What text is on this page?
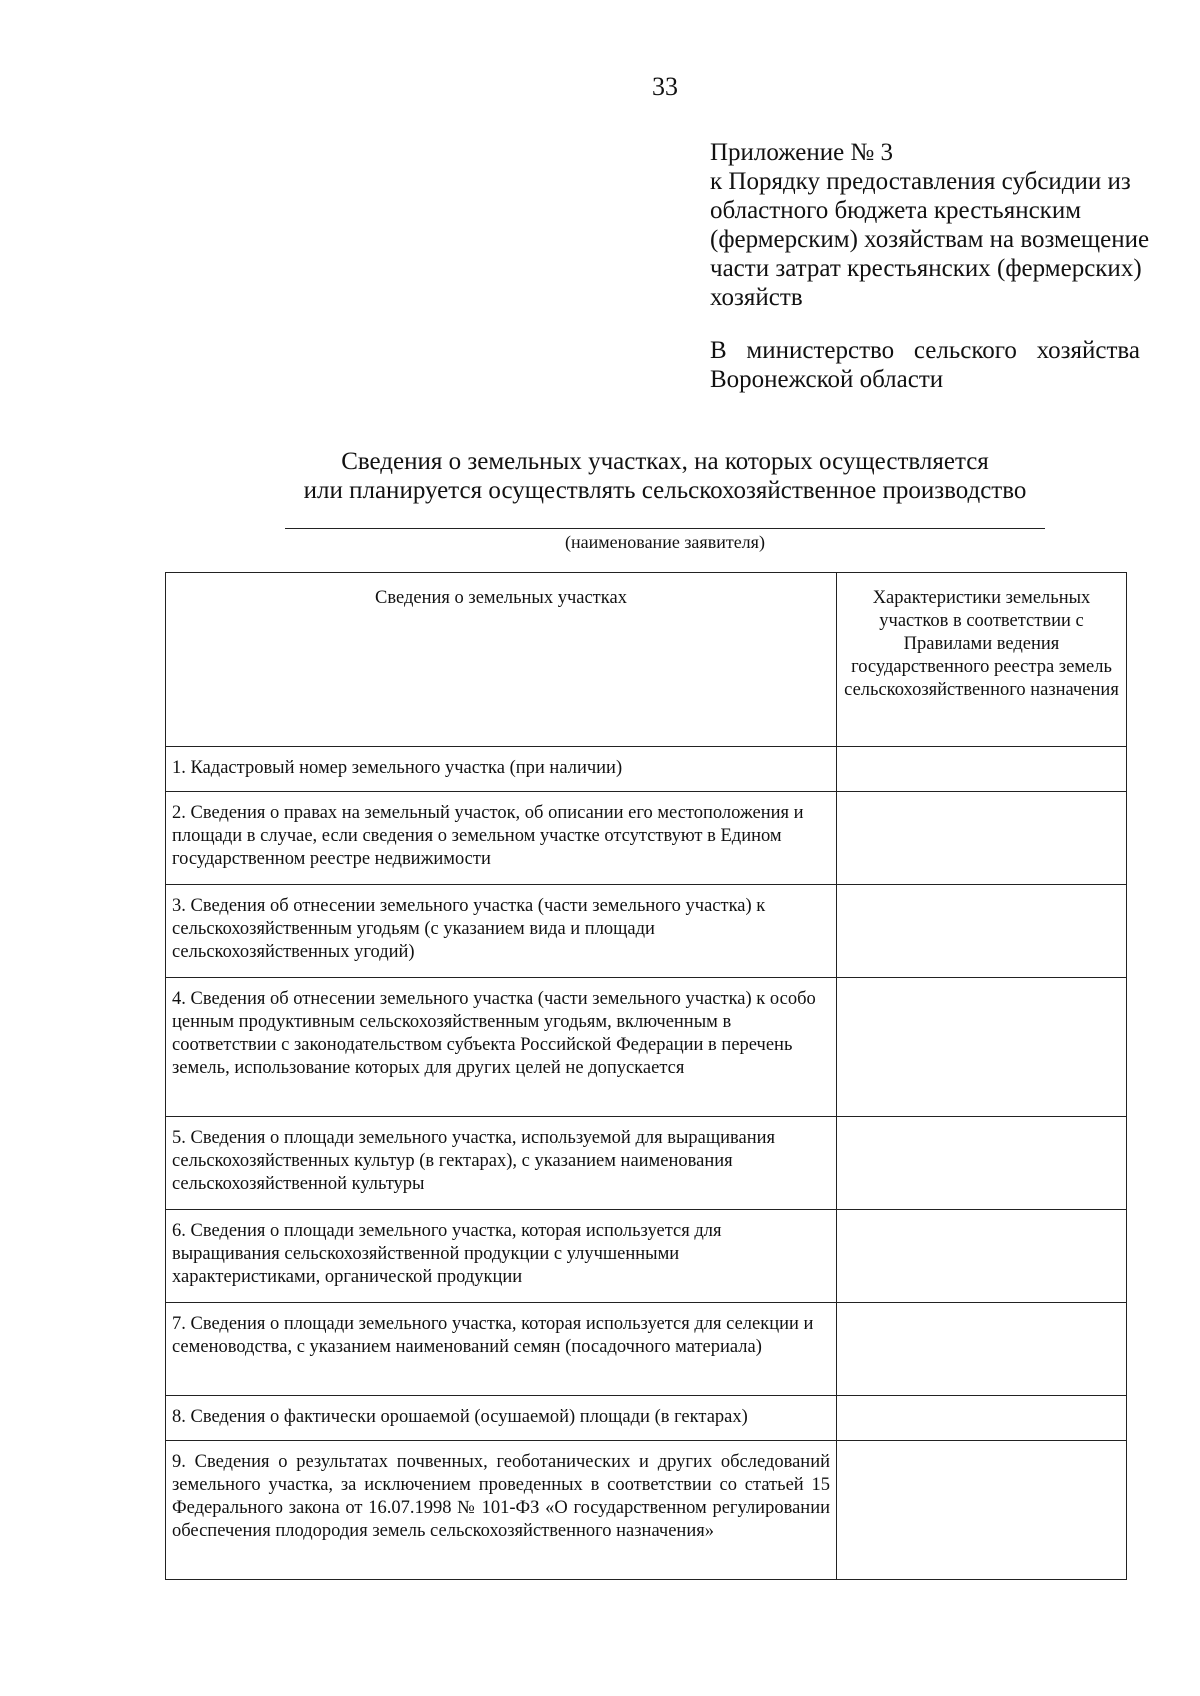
33
Приложение № 3
к Порядку предоставления субсидии из
областного бюджета крестьянским
(фермерским) хозяйствам на возмещение
части затрат крестьянских (фермерских)
хозяйств
В министерство сельского хозяйства
Воронежской области
Сведения о земельных участках, на которых осуществляется
или планируется осуществлять сельскохозяйственное производство
(наименование заявителя)
Сведения о земельных участках	Характеристики земельных участков в соответствии с Правилами ведения государственного реестра земель сельскохозяйственного назначения
1. Кадастровый номер земельного участка (при наличии)	
2. Сведения о правах на земельный участок, об описании его местоположения и площади в случае, если сведения о земельном участке отсутствуют в Едином государственном реестре недвижимости	
3. Сведения об отнесении земельного участка (части земельного участка) к сельскохозяйственным угодьям (с указанием вида и площади сельскохозяйственных угодий)	
4. Сведения об отнесении земельного участка (части земельного участка) к особо ценным продуктивным сельскохозяйственным угодьям, включенным в соответствии с законодательством субъекта Российской Федерации в перечень земель, использование которых для других целей не допускается	
5. Сведения о площади земельного участка, используемой для выращивания сельскохозяйственных культур (в гектарах), с указанием наименования сельскохозяйственной культуры	
6. Сведения о площади земельного участка, которая используется для выращивания сельскохозяйственной продукции с улучшенными характеристиками, органической продукции	
7. Сведения о площади земельного участка, которая используется для селекции и семеноводства, с указанием наименований семян (посадочного материала)	
8. Сведения о фактически орошаемой (осушаемой) площади (в гектарах)	
9. Сведения о результатах почвенных, геоботанических и других обследований земельного участка, за исключением проведенных в соответствии со статьей 15 Федерального закона от 16.07.1998 № 101-ФЗ «О государственном регулировании обеспечения плодородия земель сельскохозяйственного назначения»	
